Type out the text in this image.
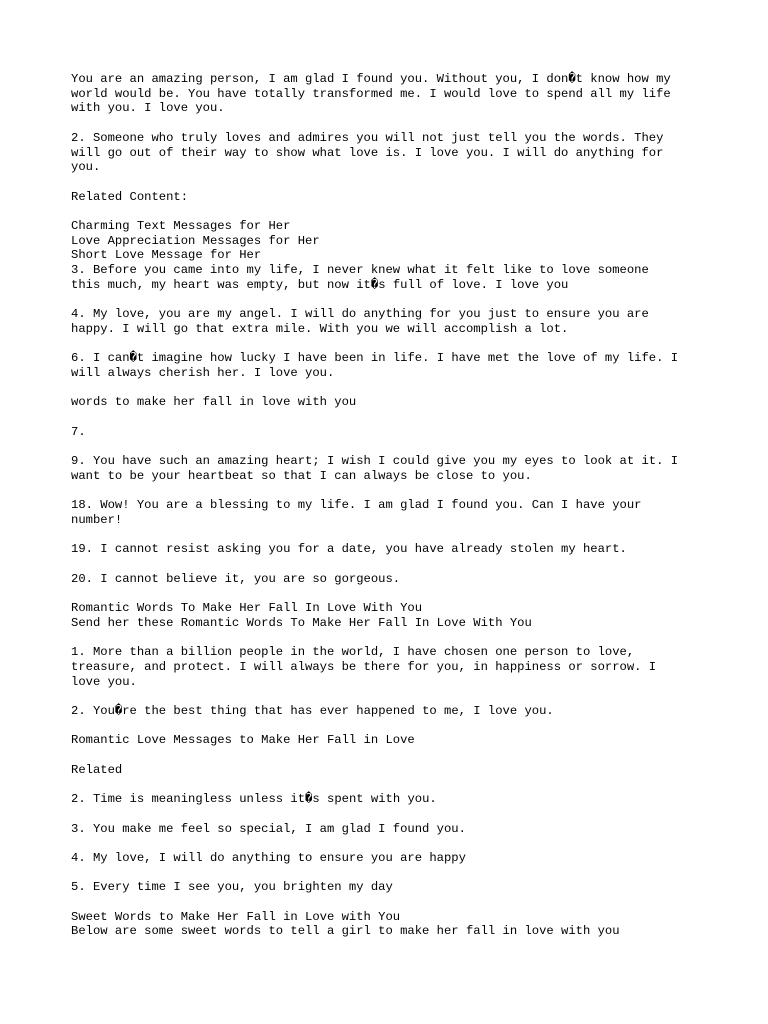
You are an amazing person, I am glad I found you. Without you, I don�t know how my
world would be. You have totally transformed me. I would love to spend all my life
with you. I love you.

2. Someone who truly loves and admires you will not just tell you the words. They
will go out of their way to show what love is. I love you. I will do anything for
you.

Related Content:

Charming Text Messages for Her
Love Appreciation Messages for Her
Short Love Message for Her
3. Before you came into my life, I never knew what it felt like to love someone
this much, my heart was empty, but now it�s full of love. I love you

4. My love, you are my angel. I will do anything for you just to ensure you are
happy. I will go that extra mile. With you we will accomplish a lot.

6. I can�t imagine how lucky I have been in life. I have met the love of my life. I
will always cherish her. I love you.

words to make her fall in love with you

7.

9. You have such an amazing heart; I wish I could give you my eyes to look at it. I
want to be your heartbeat so that I can always be close to you.

18. Wow! You are a blessing to my life. I am glad I found you. Can I have your
number!

19. I cannot resist asking you for a date, you have already stolen my heart.

20. I cannot believe it, you are so gorgeous.

Romantic Words To Make Her Fall In Love With You
Send her these Romantic Words To Make Her Fall In Love With You

1. More than a billion people in the world, I have chosen one person to love,
treasure, and protect. I will always be there for you, in happiness or sorrow. I
love you.

2. You�re the best thing that has ever happened to me, I love you.

Romantic Love Messages to Make Her Fall in Love

Related

2. Time is meaningless unless it�s spent with you.

3. You make me feel so special, I am glad I found you.

4. My love, I will do anything to ensure you are happy

5. Every time I see you, you brighten my day

Sweet Words to Make Her Fall in Love with You
Below are some sweet words to tell a girl to make her fall in love with you
